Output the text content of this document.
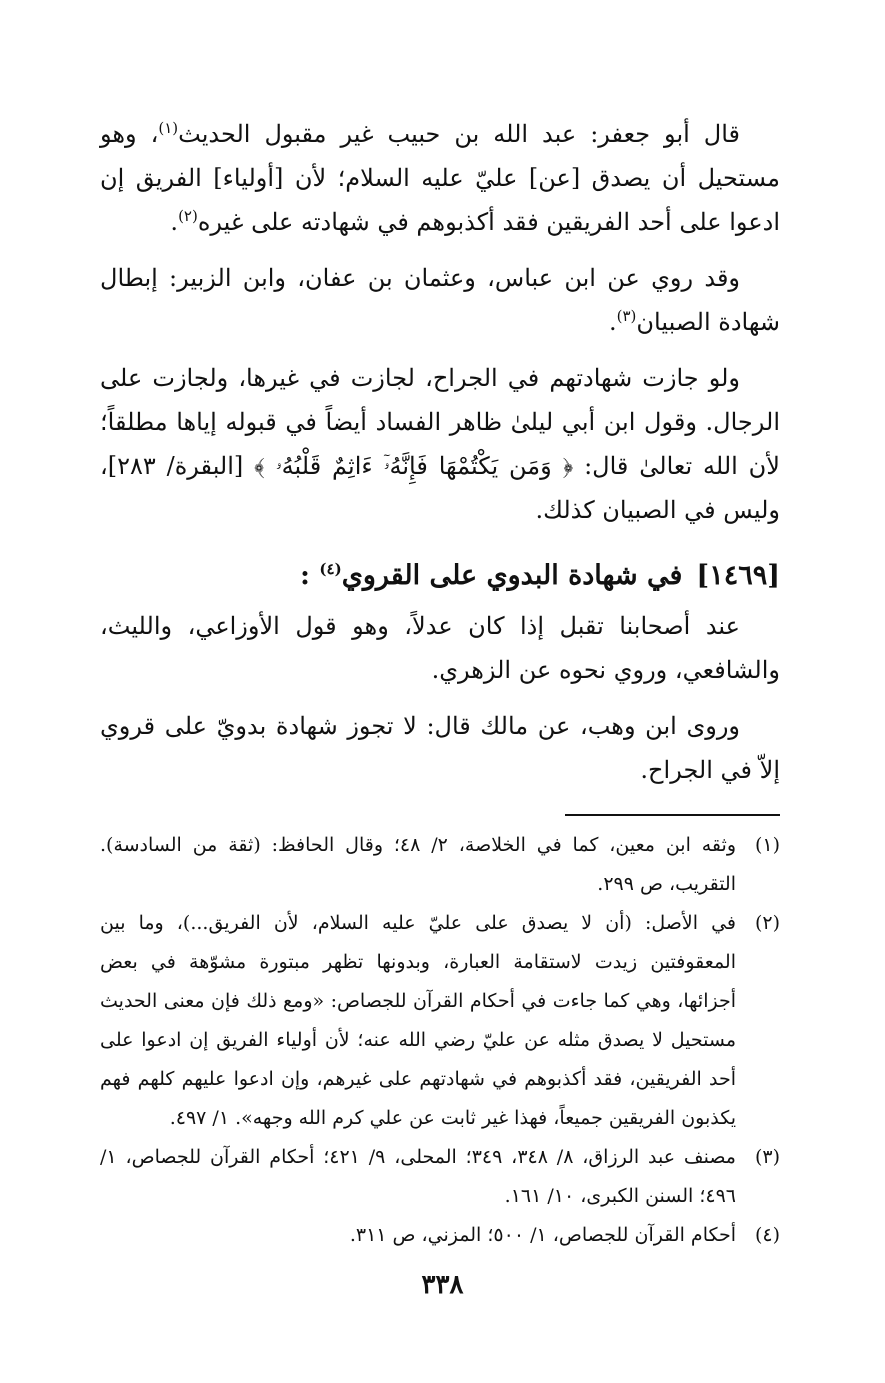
قال أبو جعفر: عبد الله بن حبيب غير مقبول الحديث$^{(١)}$، وهو مستحيل أن يصدق [عن] عليّ عليه السلام؛ لأن [أولياء] الفريق إن ادعوا على أحد الفريقين فقد أكذبوهم في شهادته على غيره$^{(٢)}$.

وقد روي عن ابن عباس، وعثمان بن عفان، وابن الزبير: إبطال شهادة الصبيان$^{(٣)}$.

ولو جازت شهادتهم في الجراح، لجازت في غيرها، ولجازت على الرجال. وقول ابن أبي ليلىٰ ظاهر الفساد أيضاً في قبوله إياها مطلقاً؛ لأن الله تعالىٰ قال: ﴿ وَمَن يَكْتُمْهَا فَإِنَّهُۥٓ ءَاثِمٌ قَلْبُهُۥ ﴾ [البقرة/ ٢٨٣]، وليس في الصبيان كذلك.

[١٤٦٩]في شهادة البدوي على القروي$^{(٤)}$ :

عند أصحابنا تقبل إذا كان عدلاً، وهو قول الأوزاعي، والليث، والشافعي، وروي نحوه عن الزهري.

وروى ابن وهب، عن مالك قال: لا تجوز شهادة بدويّ على قروي إلاّ في الجراح.

(١)
وثقه ابن معين، كما في الخلاصة، ٢/ ٤٨؛ وقال الحافظ: (ثقة من السادسة). التقريب، ص ٢٩٩.
(٢)
في الأصل: (أن لا يصدق على عليّ عليه السلام، لأن الفريق...)، وما بين المعقوفتين زيدت لاستقامة العبارة، وبدونها تظهر مبتورة مشوّهة في بعض أجزائها، وهي كما جاءت في أحكام القرآن للجصاص: «ومع ذلك فإن معنى الحديث مستحيل لا يصدق مثله عن عليّ رضي الله عنه؛ لأن أولياء الفريق إن ادعوا على أحد الفريقين، فقد أكذبوهم في شهادتهم على غيرهم، وإن ادعوا عليهم كلهم فهم يكذبون الفريقين جميعاً، فهذا غير ثابت عن علي كرم الله وجهه». ١/ ٤٩٧.
(٣)
مصنف عبد الرزاق، ٨/ ٣٤٨، ٣٤٩؛ المحلى، ٩/ ٤٢١؛ أحكام القرآن للجصاص، ١/ ٤٩٦؛ السنن الكبرى، ١٠/ ١٦١.
(٤)
أحكام القرآن للجصاص، ١/ ٥٠٠؛ المزني، ص ٣١١.
٣٣٨
